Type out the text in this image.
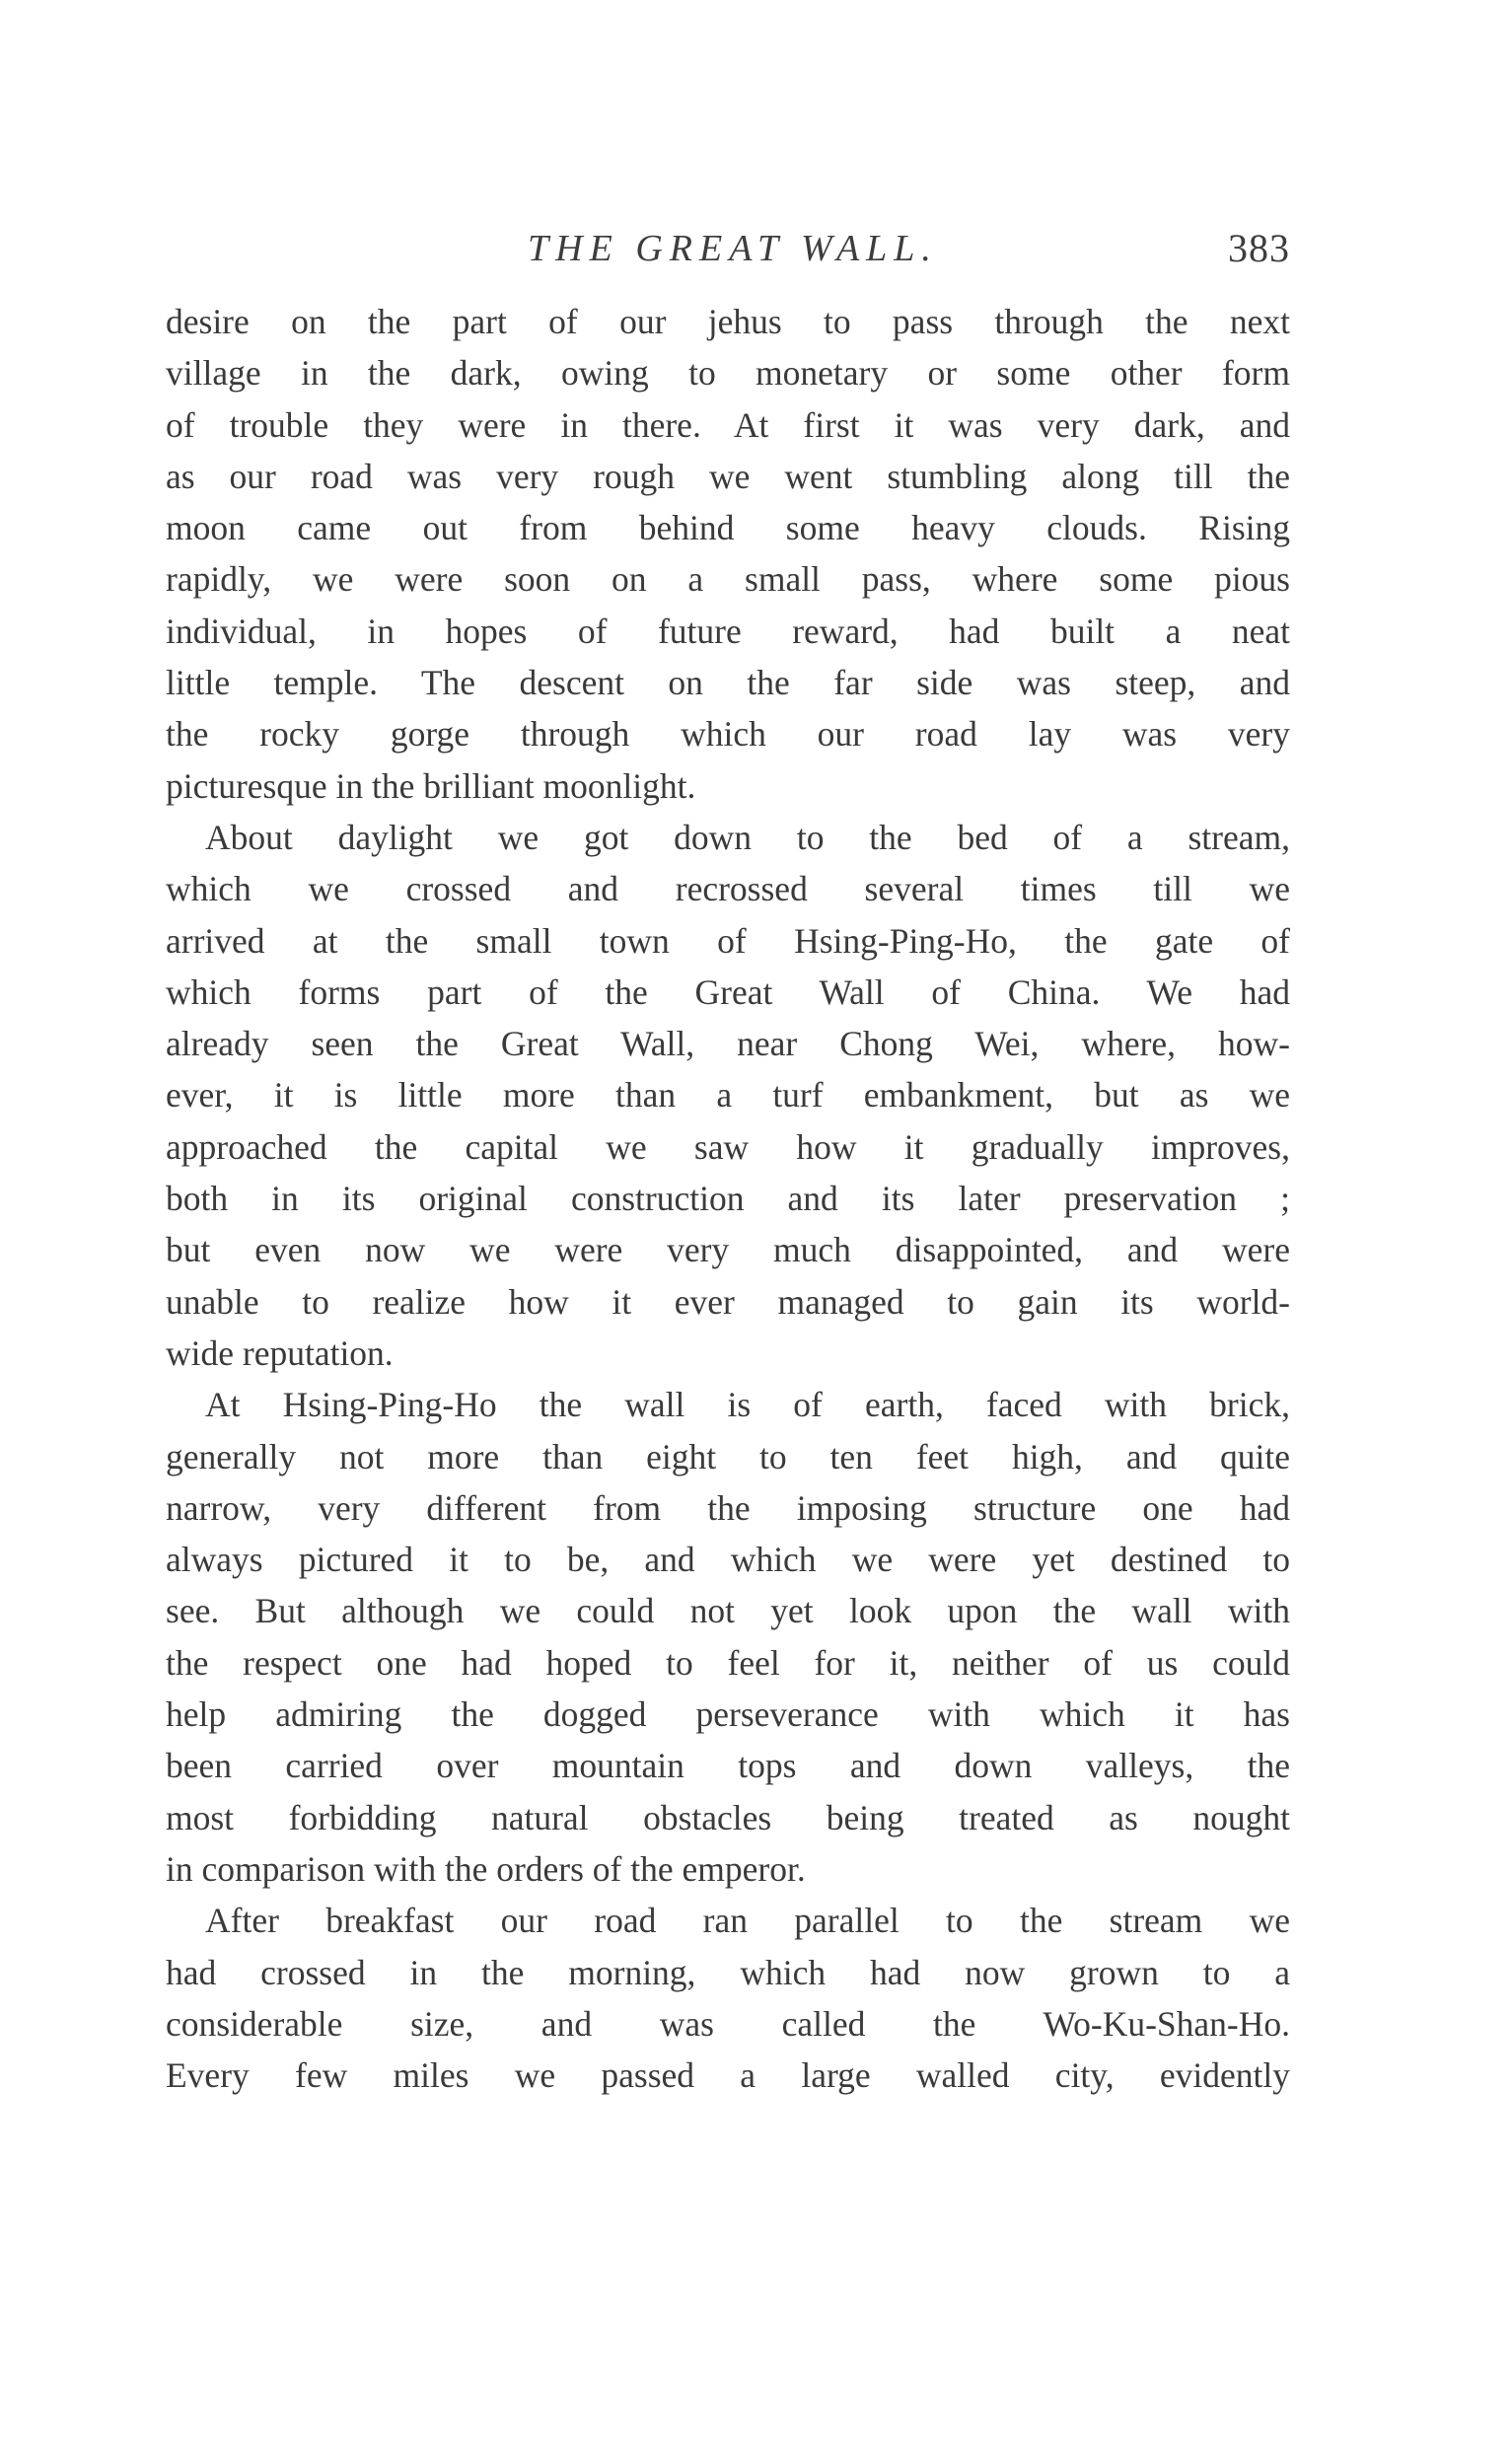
THE GREAT WALL.	383
desire on the part of our jehus to pass through the next
village in the dark, owing to monetary or some other form
of trouble they were in there. At first it was very dark, and
as our road was very rough we went stumbling along till the
moon came out from behind some heavy clouds. Rising
rapidly, we were soon on a small pass, where some pious
individual, in hopes of future reward, had built a neat
little temple. The descent on the far side was steep, and
the rocky gorge through which our road lay was very
picturesque in the brilliant moonlight.
About daylight we got down to the bed of a stream,
which we crossed and recrossed several times till we
arrived at the small town of Hsing-Ping-Ho, the gate of
which forms part of the Great Wall of China. We had
already seen the Great Wall, near Chong Wei, where, how-
ever, it is little more than a turf embankment, but as we
approached the capital we saw how it gradually improves,
both in its original construction and its later preservation ;
but even now we were very much disappointed, and were
unable to realize how it ever managed to gain its world-
wide reputation.
At Hsing-Ping-Ho the wall is of earth, faced with brick,
generally not more than eight to ten feet high, and quite
narrow, very different from the imposing structure one had
always pictured it to be, and which we were yet destined to
see. But although we could not yet look upon the wall with
the respect one had hoped to feel for it, neither of us could
help admiring the dogged perseverance with which it has
been carried over mountain tops and down valleys, the
most forbidding natural obstacles being treated as nought
in comparison with the orders of the emperor.
After breakfast our road ran parallel to the stream we
had crossed in the morning, which had now grown to a
considerable size, and was called the Wo-Ku-Shan-Ho.
Every few miles we passed a large walled city, evidently
